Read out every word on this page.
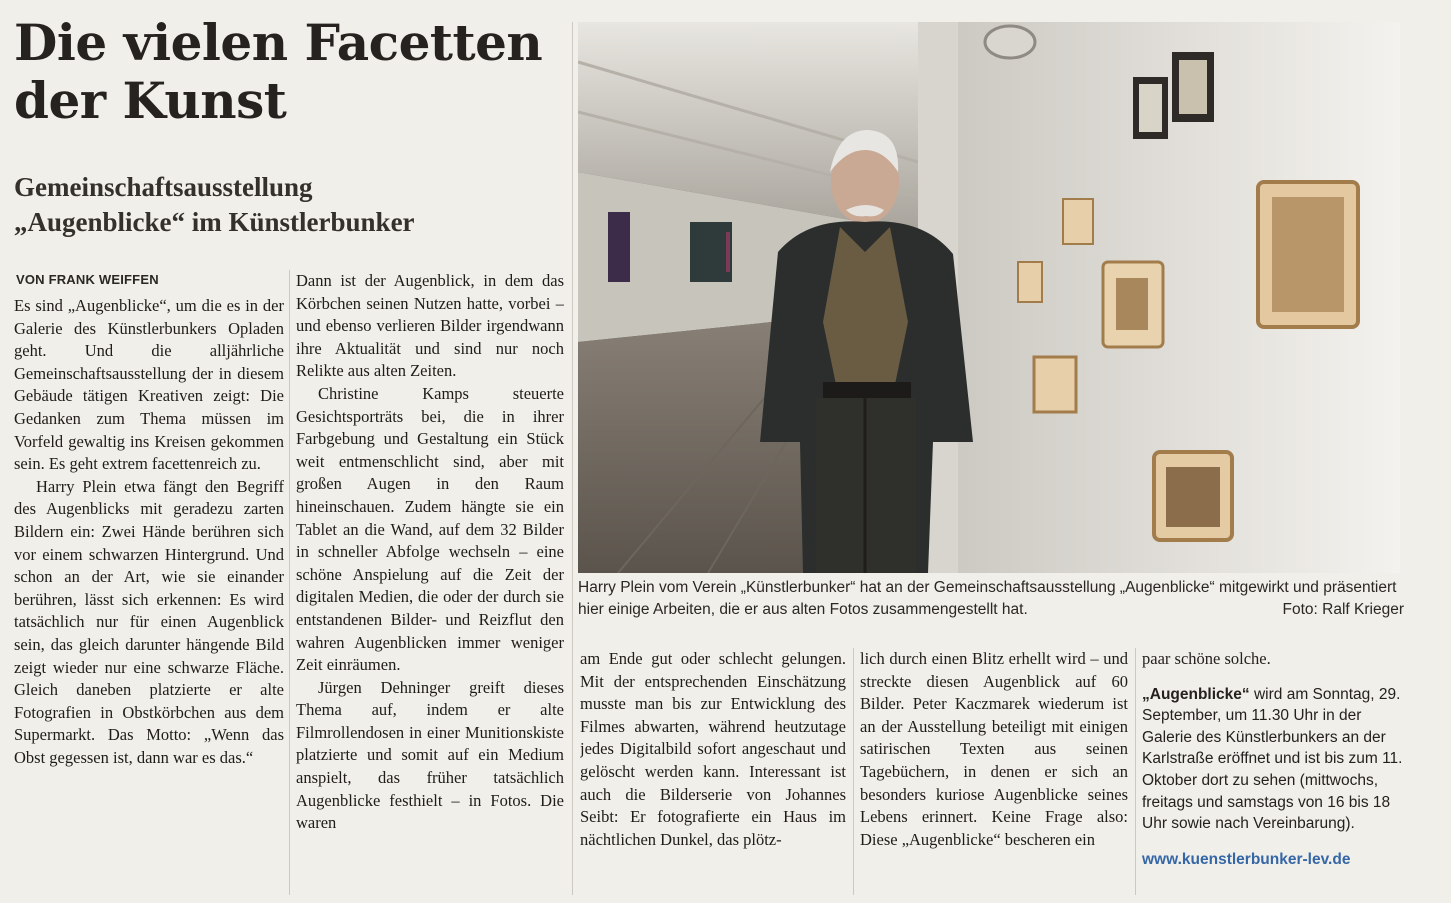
Die vielen Facetten
der Kunst
Gemeinschaftsausstellung
„Augenblicke“ im Künstlerbunker
VON FRANK WEIFFEN

Es sind „Augenblicke“, um die es in der Galerie des Künstlerbunkers Opladen geht. Und die alljährliche Gemeinschaftsausstellung der in diesem Gebäude tätigen Kreativen zeigt: Die Gedanken zum Thema müssen im Vorfeld gewaltig ins Kreisen gekommen sein. Es geht extrem facettenreich zu.

Harry Plein etwa fängt den Begriff des Augenblicks mit geradezu zarten Bildern ein: Zwei Hände berühren sich vor einem schwarzen Hintergrund. Und schon an der Art, wie sie einander berühren, lässt sich erkennen: Es wird tatsächlich nur für einen Augenblick sein, das gleich darunter hängende Bild zeigt wieder nur eine schwarze Fläche. Gleich daneben platzierte er alte Fotografien in Obstkörbchen aus dem Supermarkt. Das Motto: „Wenn das Obst gegessen ist, dann war es das.“

Dann ist der Augenblick, in dem das Körbchen seinen Nutzen hatte, vorbei – und ebenso verlieren Bilder irgendwann ihre Aktualität und sind nur noch Relikte aus alten Zeiten.

Christine Kamps steuerte Gesichtsporträts bei, die in ihrer Farbgebung und Gestaltung ein Stück weit entmenschlicht sind, aber mit großen Augen in den Raum hineinschauen. Zudem hängte sie ein Tablet an die Wand, auf dem 32 Bilder in schneller Abfolge wechseln – eine schöne Anspielung auf die Zeit der digitalen Medien, die oder der durch sie entstandenen Bilder- und Reizflut den wahren Augenblicken immer weniger Zeit einräumen.

Jürgen Dehninger greift dieses Thema auf, indem er alte Filmrollendosen in einer Munitionskiste platzierte und somit auf ein Medium anspielt, das früher tatsächlich Augenblicke festhielt – in Fotos. Die waren

Harry Plein vom Verein „Künstlerbunker“ hat an der Gemeinschaftsausstellung „Augenblicke“ mitgewirkt und präsentiert hier einige Arbeiten, die er aus alten Fotos zusammengestellt hat.	Foto: Ralf Krieger

am Ende gut oder schlecht gelungen. Mit der entsprechenden Einschätzung musste man bis zur Entwicklung des Filmes abwarten, während heutzutage jedes Digitalbild sofort angeschaut und gelöscht werden kann. Interessant ist auch die Bilderserie von Johannes Seibt: Er fotografierte ein Haus im nächtlichen Dunkel, das plötz-

lich durch einen Blitz erhellt wird – und streckte diesen Augenblick auf 60 Bilder. Peter Kaczmarek wiederum ist an der Ausstellung beteiligt mit einigen satirischen Texten aus seinen Tagebüchern, in denen er sich an besonders kuriose Augenblicke seines Lebens erinnert. Keine Frage also: Diese „Augenblicke“ bescheren ein

paar schöne solche.

„Augenblicke“ wird am Sonntag, 29. September, um 11.30 Uhr in der Galerie des Künstlerbunkers an der Karlstraße eröffnet und ist bis zum 11. Oktober dort zu sehen (mittwochs, freitags und samstags von 16 bis 18 Uhr sowie nach Vereinbarung).

www.kuenstlerbunker-lev.de
